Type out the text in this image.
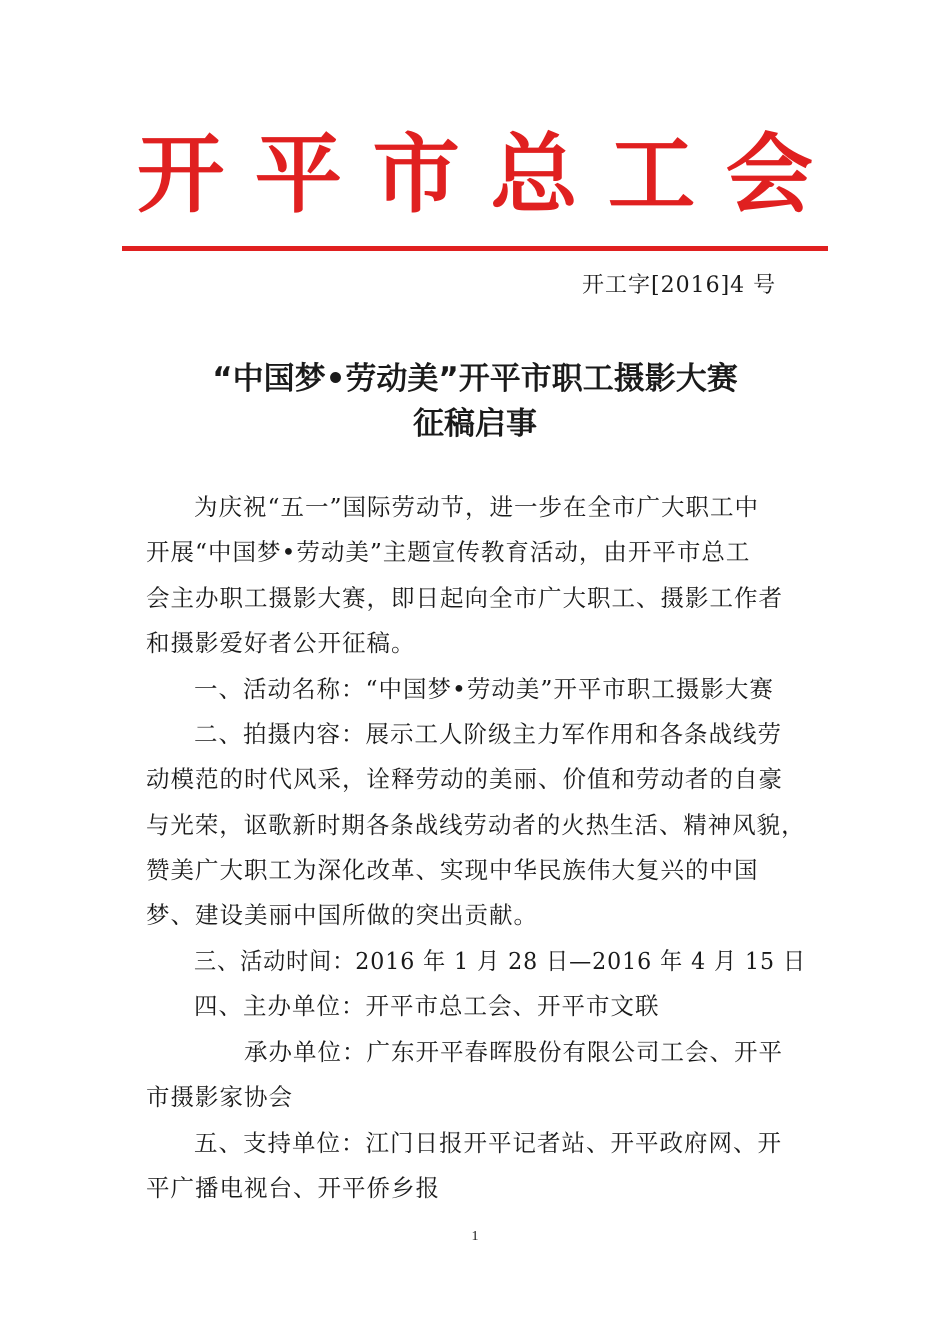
开 平 市 总 工 会
开工字[2016]4 号
“中国梦•劳动美”开平市职工摄影大赛
征稿启事
为庆祝“五一”国际劳动节，进一步在全市广大职工中
开展“中国梦•劳动美”主题宣传教育活动，由开平市总工
会主办职工摄影大赛，即日起向全市广大职工、摄影工作者
和摄影爱好者公开征稿。
一、活动名称：“中国梦•劳动美”开平市职工摄影大赛
二、拍摄内容：展示工人阶级主力军作用和各条战线劳
动模范的时代风采，诠释劳动的美丽、价值和劳动者的自豪
与光荣，讴歌新时期各条战线劳动者的火热生活、精神风貌，
赞美广大职工为深化改革、实现中华民族伟大复兴的中国
梦、建设美丽中国所做的突出贡献。
三、活动时间：2016 年 1 月 28 日—2016 年 4 月 15 日
四、主办单位：开平市总工会、开平市文联
承办单位：广东开平春晖股份有限公司工会、开平
市摄影家协会
五、支持单位：江门日报开平记者站、开平政府网、开
平广播电视台、开平侨乡报
1
